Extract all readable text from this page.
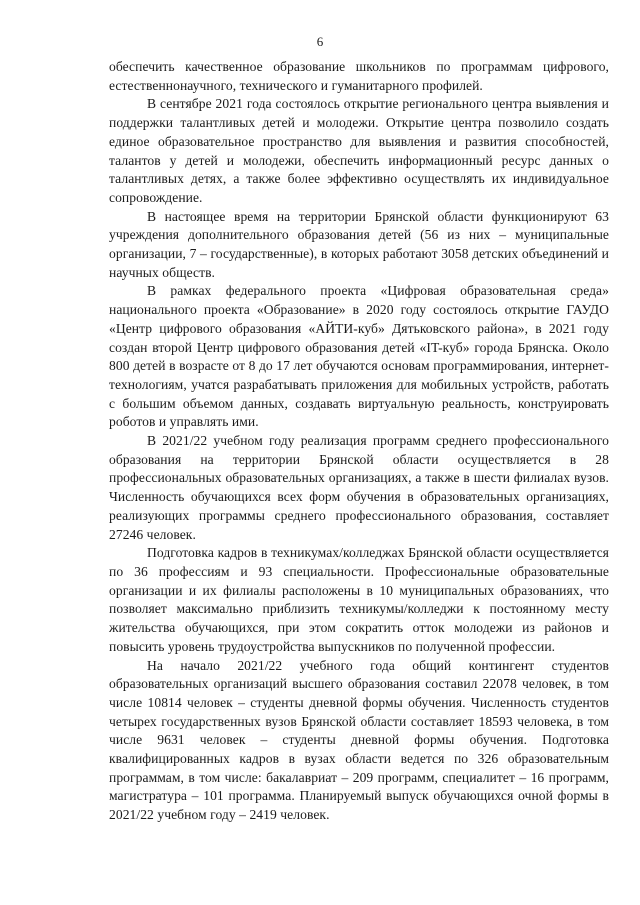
6

обеспечить качественное образование школьников по программам цифрового, естественнонаучного, технического и гуманитарного профилей.

В сентябре 2021 года состоялось открытие регионального центра выявления и поддержки талантливых детей и молодежи. Открытие центра позволило создать единое образовательное пространство для выявления и развития способностей, талантов у детей и молодежи, обеспечить информационный ресурс данных о талантливых детях, а также более эффективно осуществлять их индивидуальное сопровождение.

В настоящее время на территории Брянской области функционируют 63 учреждения дополнительного образования детей (56 из них – муниципальные организации, 7 – государственные), в которых работают 3058 детских объединений и научных обществ.

В рамках федерального проекта «Цифровая образовательная среда» национального проекта «Образование» в 2020 году состоялось открытие ГАУДО «Центр цифрового образования «АЙТИ-куб» Дятьковского района», в 2021 году создан второй Центр цифрового образования детей «IT-куб» города Брянска. Около 800 детей в возрасте от 8 до 17 лет обучаются основам программирования, интернет-технологиям, учатся разрабатывать приложения для мобильных устройств, работать с большим объемом данных, создавать виртуальную реальность, конструировать роботов и управлять ими.

В 2021/22 учебном году реализация программ среднего профессионального образования на территории Брянской области осуществляется в 28 профессиональных образовательных организациях, а также в шести филиалах вузов. Численность обучающихся всех форм обучения в образовательных организациях, реализующих программы среднего профессионального образования, составляет 27246 человек.

Подготовка кадров в техникумах/колледжах Брянской области осуществляется по 36 профессиям и 93 специальности. Профессиональные образовательные организации и их филиалы расположены в 10 муниципальных образованиях, что позволяет максимально приблизить техникумы/колледжи к постоянному месту жительства обучающихся, при этом сократить отток молодежи из районов и повысить уровень трудоустройства выпускников по полученной профессии.

На начало 2021/22 учебного года общий контингент студентов образовательных организаций высшего образования составил 22078 человек, в том числе 10814 человек – студенты дневной формы обучения. Численность студентов четырех государственных вузов Брянской области составляет 18593 человека, в том числе 9631 человек – студенты дневной формы обучения. Подготовка квалифицированных кадров в вузах области ведется по 326 образовательным программам, в том числе: бакалавриат – 209 программ, специалитет – 16 программ, магистратура – 101 программа. Планируемый выпуск обучающихся очной формы в 2021/22 учебном году – 2419 человек.
